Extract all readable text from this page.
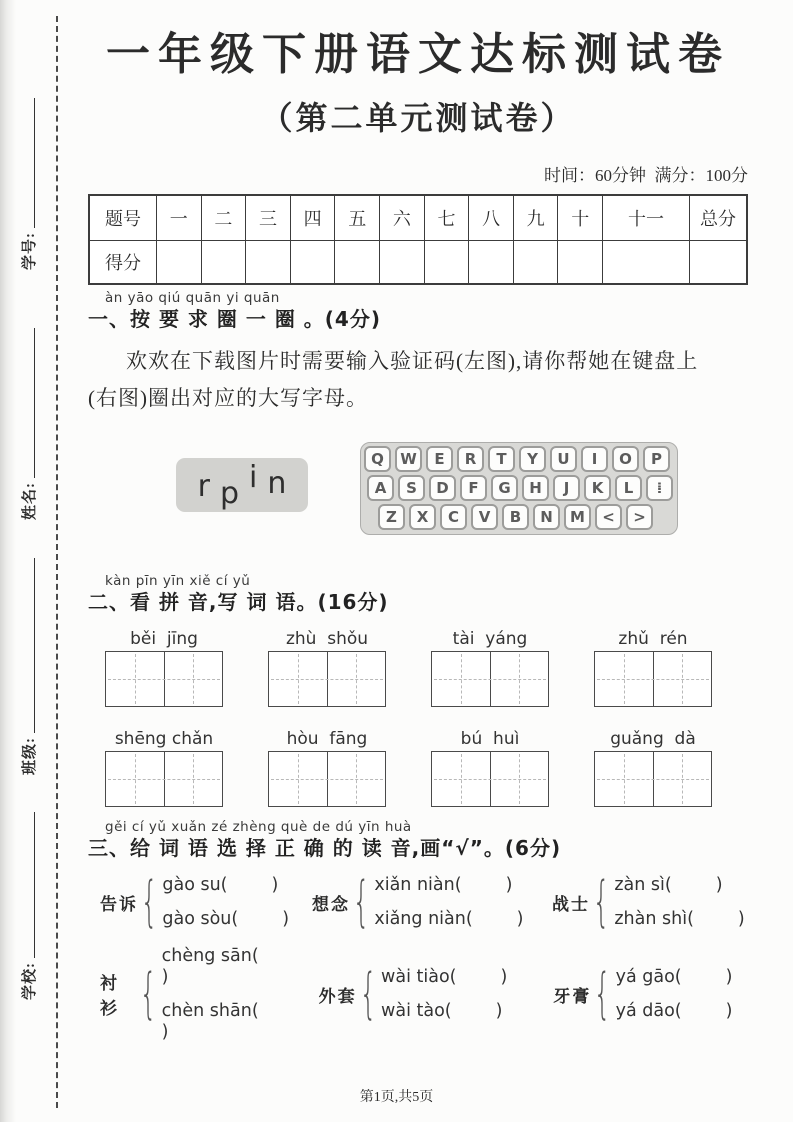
学号:
姓名:
班级:
学校:
一年级下册语文达标测试卷
（第二单元测试卷）
时间：60分钟  满分：100分
题号	一	二	三	四	五	六	七	八	九	十	十一	总分
得分												
àn yāo qiú quān yi quān
一、按 要 求 圈 一 圈 。(4分)
欢欢在下载图片时需要输入验证码(左图),请你帮她在键盘上
(右图)圈出对应的大写字母。
r p i n
Q	W	E	R	T	Y	U	I	O	P
A	S	D	F	G	H	J	K	L	⁞
Z	X	C	V	B	N	M	<	>
kàn pīn yīn xiě cí yǔ
二、看 拼 音,写 词 语。(16分)
běi  jīng	zhù  shǒu	tài  yáng	zhǔ  rén
shēng chǎn	hòu  fāng	bú  huì	guǎng  dà
gěi cí yǔ xuǎn zé zhèng què de dú yīn huà
三、给 词 语 选 择 正 确 的 读 音,画“√”。(6分)
告诉
{
gào su(	)
gào sòu(	)
想念
{
xiǎn niàn(	)
xiǎng niàn(	)
战士
{
zàn sì(	)
zhàn shì(	)
衬衫
{
chèng sān()
chèn shān()
外套
{
wài tiào(	)
wài tào(	)
牙膏
{
yá gāo(	)
yá dāo(	)
第1页,共5页
